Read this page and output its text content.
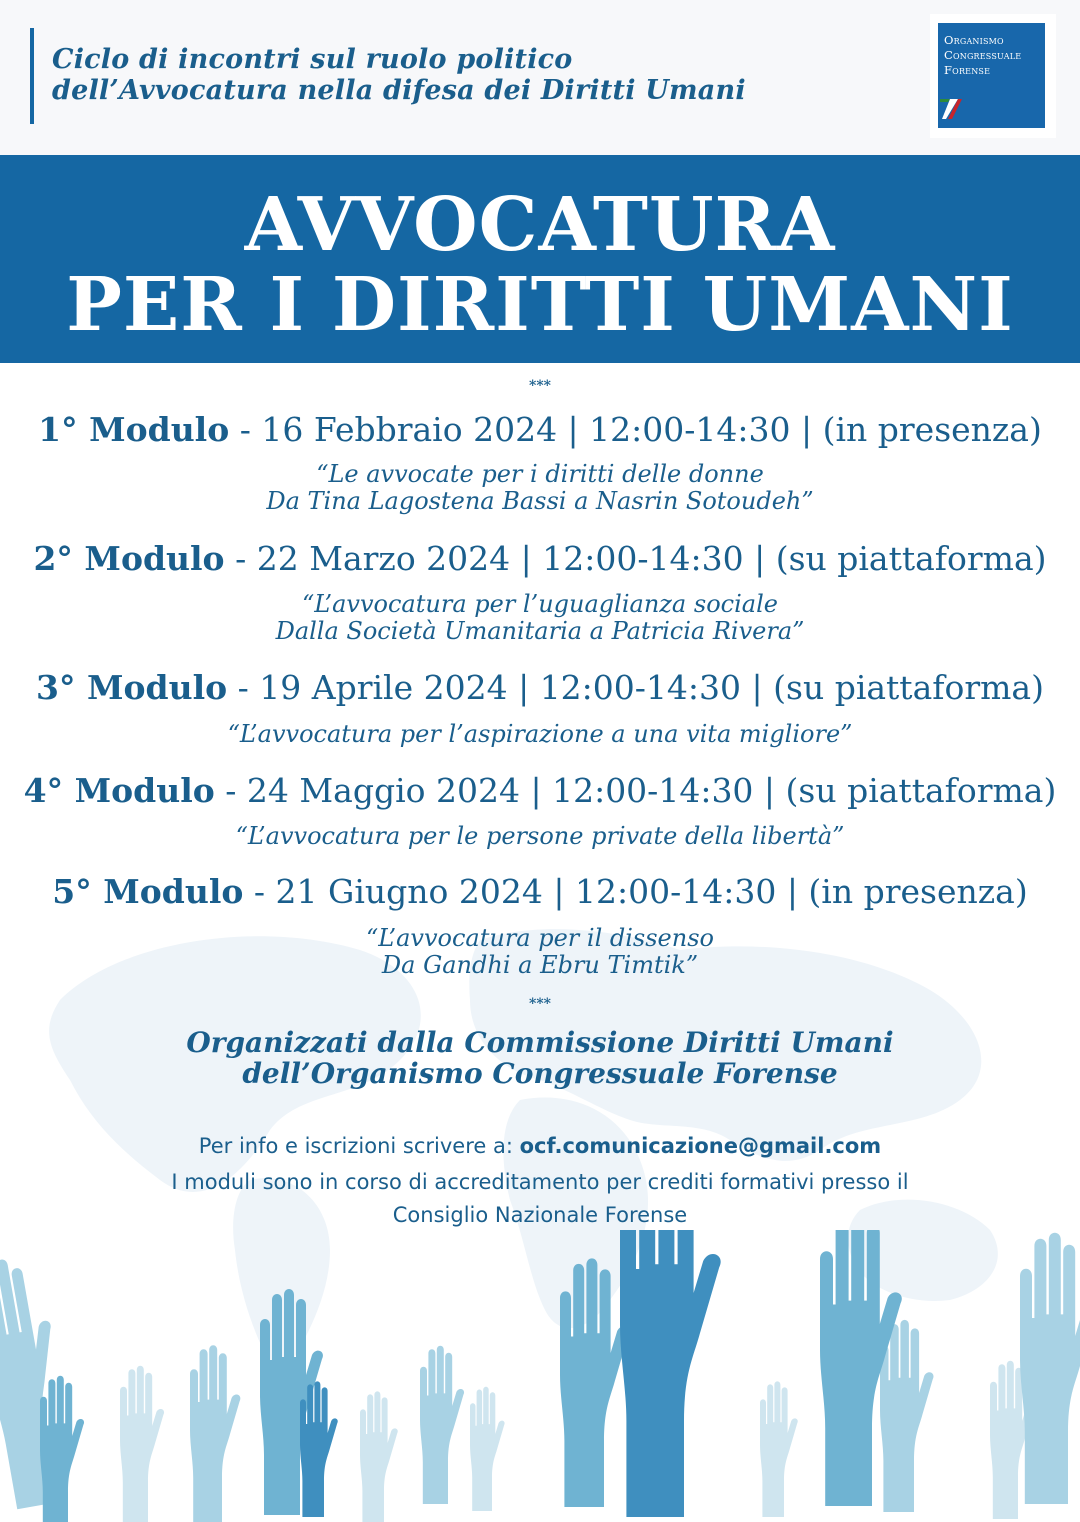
Ciclo di incontri sul ruolo politico
dell’Avvocatura nella difesa dei Diritti Umani
Organismo
Congressuale
Forense
AVVOCATURA
PER I DIRITTI UMANI
***
1° Modulo - 16 Febbraio 2024 | 12:00-14:30 | (in presenza)
“Le avvocate per i diritti delle donne
Da Tina Lagostena Bassi a Nasrin Sotoudeh”
2° Modulo - 22 Marzo 2024 | 12:00-14:30 | (su piattaforma)
“L’avvocatura per l’uguaglianza sociale
Dalla Società Umanitaria a Patricia Rivera”
3° Modulo - 19 Aprile 2024 | 12:00-14:30 | (su piattaforma)
“L’avvocatura per l’aspirazione a una vita migliore”
4° Modulo - 24 Maggio 2024 | 12:00-14:30 | (su piattaforma)
“L’avvocatura per le persone private della libertà”
5° Modulo - 21 Giugno 2024 | 12:00-14:30 | (in presenza)
“L’avvocatura per il dissenso
Da Gandhi a Ebru Timtik”
***
Organizzati dalla Commissione Diritti Umani
dell’Organismo Congressuale Forense
Per info e iscrizioni scrivere a: ocf.comunicazione@gmail.com
I moduli sono in corso di accreditamento per crediti formativi presso il
Consiglio Nazionale Forense
